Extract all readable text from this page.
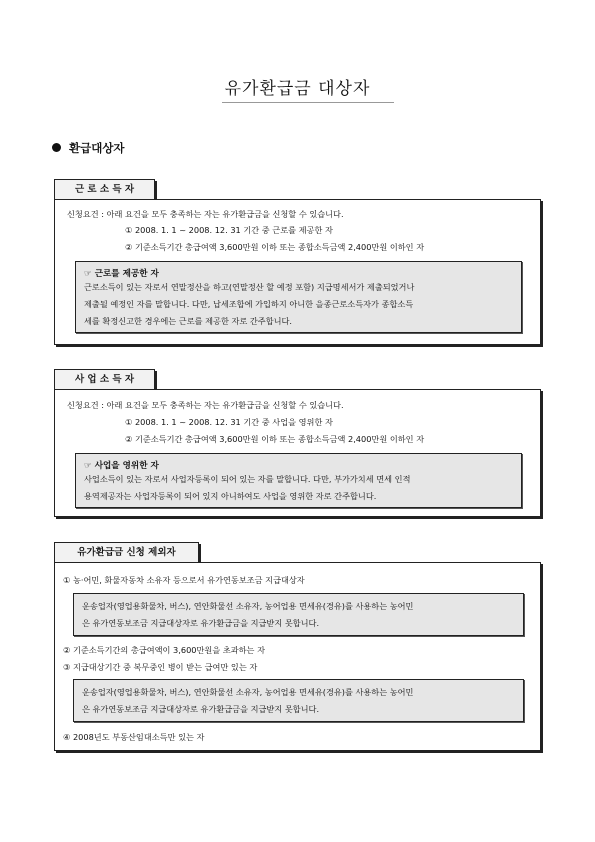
유가환급금 대상자
환급대상자
근 로 소 득 자
신청요건 : 아래 요건을 모두 충족하는 자는 유가환급금을 신청할 수 있습니다.
① 2008. 1. 1 ~ 2008. 12. 31 기간 중 근로를 제공한 자
② 기준소득기간 총급여액 3,600만원 이하 또는 종합소득금액 2,400만원 이하인 자
☞ 근로를 제공한 자
근로소득이 있는 자로서 연말정산을 하고(연말정산 할 예정 포함) 지급명세서가 제출되었거나
제출될 예정인 자를 말합니다. 다만, 납세조합에 가입하지 아니한 을종근로소득자가 종합소득
세를 확정신고한 경우에는 근로를 제공한 자로 간주합니다.
사 업 소 득 자
신청요건 : 아래 요건을 모두 충족하는 자는 유가환급금을 신청할 수 있습니다.
① 2008. 1. 1 ~ 2008. 12. 31 기간 중 사업을 영위한 자
② 기준소득기간 총급여액 3,600만원 이하 또는 종합소득금액 2,400만원 이하인 자
☞ 사업을 영위한 자
사업소득이 있는 자로서 사업자등록이 되어 있는 자를 말합니다. 다만, 부가가치세 면세 인적
용역제공자는 사업자등록이 되어 있지 아니하여도 사업을 영위한 자로 간주합니다.
유가환급금 신청 제외자
① 농·어민, 화물자동차 소유자 등으로서 유가연동보조금 지급대상자
운송업자(영업용화물차, 버스), 연안화물선 소유자, 농어업용 면세유(경유)를 사용하는 농어민
은 유가연동보조금 지급대상자로 유가환급금을 지급받지 못합니다.
② 기준소득기간의 총급여액이 3,600만원을 초과하는 자
③ 지급대상기간 중 복무중인 병이 받는 급여만 있는 자
운송업자(영업용화물차, 버스), 연안화물선 소유자, 농어업용 면세유(경유)를 사용하는 농어민
은 유가연동보조금 지급대상자로 유가환급금을 지급받지 못합니다.
④ 2008년도 부동산임대소득만 있는 자
